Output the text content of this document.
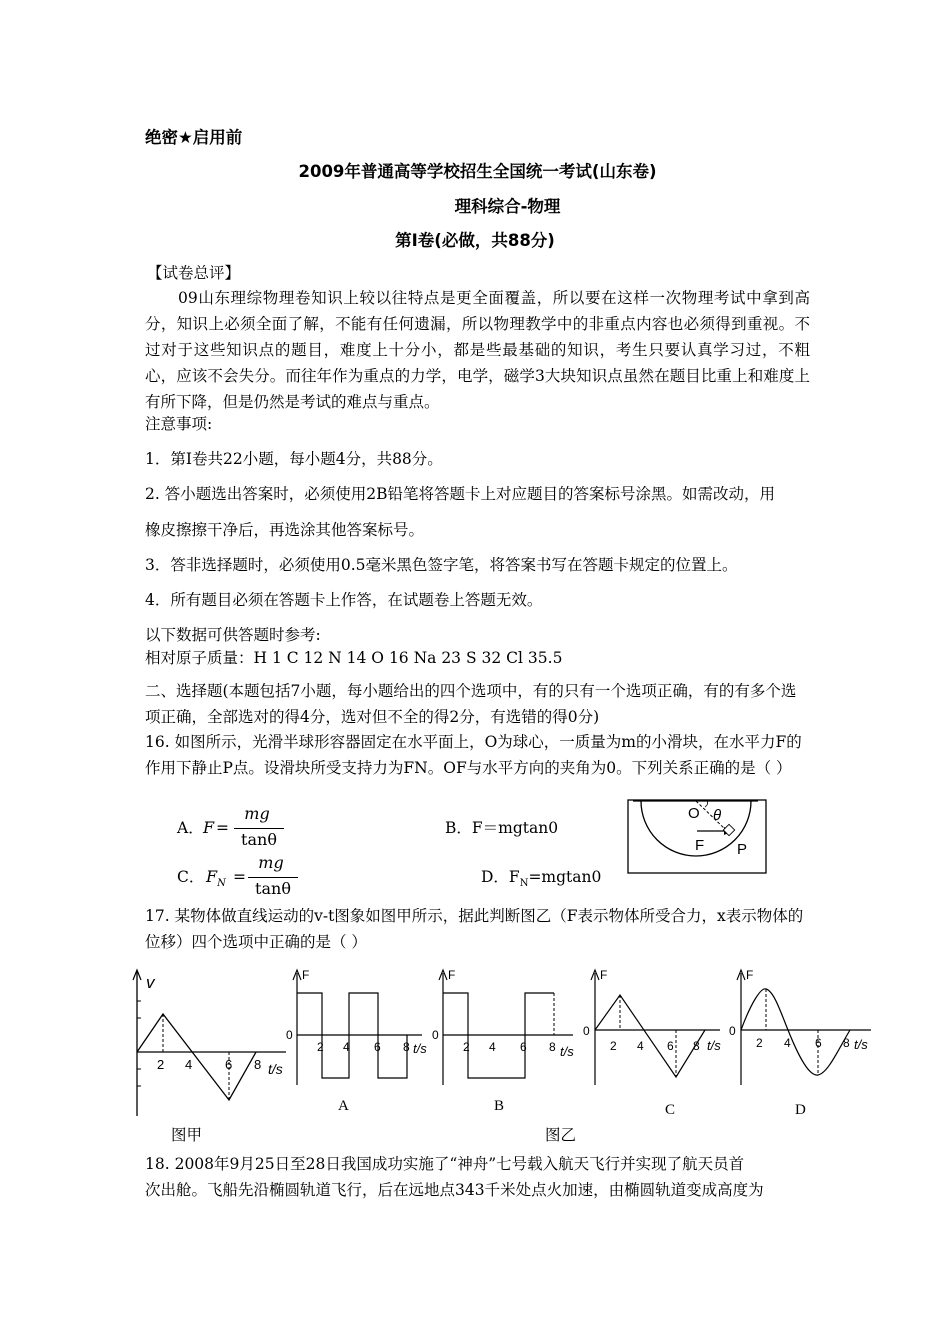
绝密★启用前
2009年普通高等学校招生全国统一考试(山东卷)
理科综合-物理
第Ⅰ卷(必做，共88分)
【试卷总评】
09山东理综物理卷知识上较以往特点是更全面覆盖，所以要在这样一次物理考试中拿到高分，知识上必须全面了解，不能有任何遗漏，所以物理教学中的非重点内容也必须得到重视。不过对于这些知识点的题目，难度上十分小，都是些最基础的知识，考生只要认真学习过，不粗心，应该不会失分。而往年作为重点的力学，电学，磁学3大块知识点虽然在题目比重上和难度上有所下降，但是仍然是考试的难点与重点。
注意事项:
1．第I卷共22小题，每小题4分，共88分。
2. 答小题选出答案时，必须使用2B铅笔将答题卡上对应题目的答案标号涂黑。如需改动，用
橡皮擦擦干净后，再选涂其他答案标号。
3．答非选择题时，必须使用0.5毫米黑色签字笔，将答案书写在答题卡规定的位置上。
4．所有题目必须在答题卡上作答，在试题卷上答题无效。
以下数据可供答题时参考:
相对原子质量：H 1 C 12 N 14 O 16 Na 23 S 32 Cl 35.5
二、选择题(本题包括7小题，每小题给出的四个选项中，有的只有一个选项正确，有的有多个选项正确，全部选对的得4分，选对但不全的得2分，有选错的得0分)
16. 如图所示，光滑半球形容器固定在水平面上，O为球心，一质量为m的小滑块，在水平力F的作用下静止P点。设滑块所受支持力为FN。OF与水平方向的夹角为0。下列关系正确的是（ ）
A． F =
mg
tanθ
B．F＝mgtan0
C． $F_N$ =
mg
tanθ
D．$F_N=mgtan0$
O θ
F P
17. 某物体做直线运动的v-t图象如图甲所示，据此判断图乙（F表示物体所受合力，x表示物体的位移）四个选项中正确的是（ ）
v
2 4	6 8 t/s
F
0
2 4 6 8 t/s
A
F
0
2 4 6 8 t/s
B
F
0
2 4 6 8 t/s
C
F
0
2 4 6 8 t/s
D
图甲	图乙
18. 2008年9月25日至28日我国成功实施了“神舟”七号载入航天飞行并实现了航天员首
次出舱。飞船先沿椭圆轨道飞行，后在远地点343千米处点火加速，由椭圆轨道变成高度为
